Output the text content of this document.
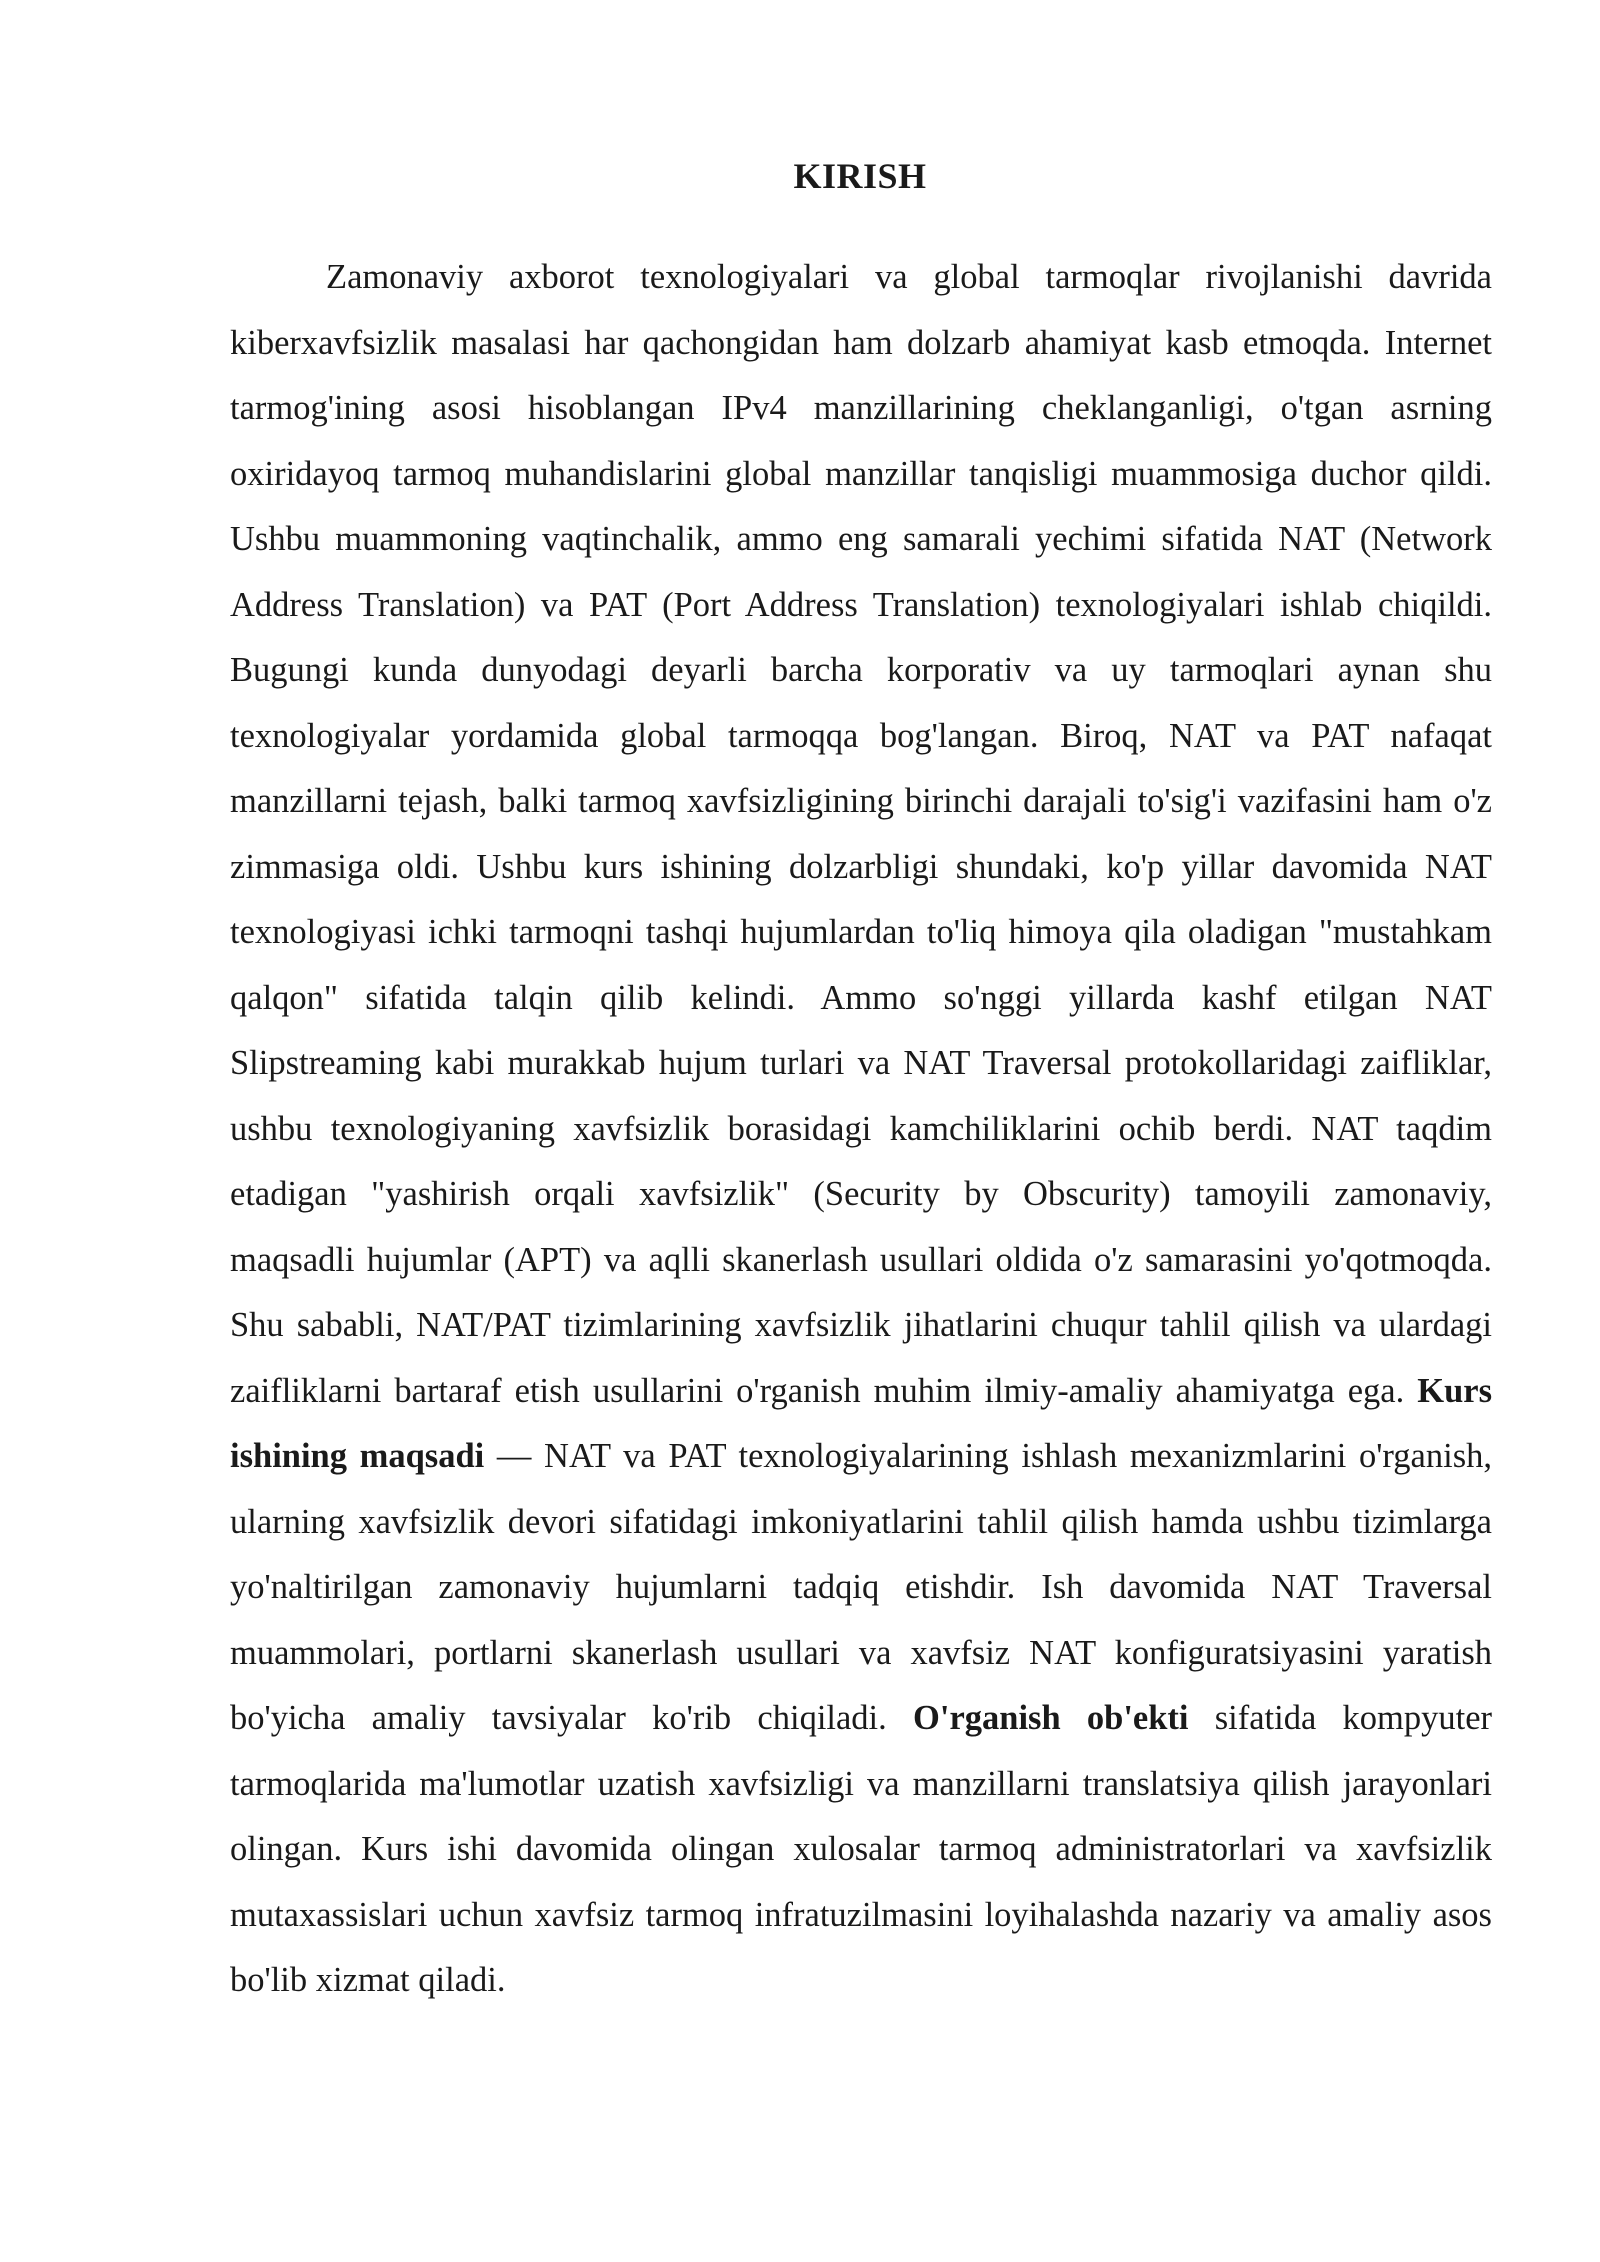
KIRISH

Zamonaviy axborot texnologiyalari va global tarmoqlar rivojlanishi davrida kiberxavfsizlik masalasi har qachongidan ham dolzarb ahamiyat kasb etmoqda. Internet tarmog'ining asosi hisoblangan IPv4 manzillarining cheklanganligi, o'tgan asrning oxiridayoq tarmoq muhandislarini global manzillar tanqisligi muammosiga duchor qildi. Ushbu muammoning vaqtinchalik, ammo eng samarali yechimi sifatida NAT (Network Address Translation) va PAT (Port Address Translation) texnologiyalari ishlab chiqildi. Bugungi kunda dunyodagi deyarli barcha korporativ va uy tarmoqlari aynan shu texnologiyalar yordamida global tarmoqqa bog'langan. Biroq, NAT va PAT nafaqat manzillarni tejash, balki tarmoq xavfsizligining birinchi darajali to'sig'i vazifasini ham o'z zimmasiga oldi. Ushbu kurs ishining dolzarbligi shundaki, ko'p yillar davomida NAT texnologiyasi ichki tarmoqni tashqi hujumlardan to'liq himoya qila oladigan "mustahkam qalqon" sifatida talqin qilib kelindi. Ammo so'nggi yillarda kashf etilgan NAT Slipstreaming kabi murakkab hujum turlari va NAT Traversal protokollaridagi zaifliklar, ushbu texnologiyaning xavfsizlik borasidagi kamchiliklarini ochib berdi. NAT taqdim etadigan "yashirish orqali xavfsizlik" (Security by Obscurity) tamoyili zamonaviy, maqsadli hujumlar (APT) va aqlli skanerlash usullari oldida o'z samarasini yo'qotmoqda. Shu sababli, NAT/PAT tizimlarining xavfsizlik jihatlarini chuqur tahlil qilish va ulardagi zaifliklarni bartaraf etish usullarini o'rganish muhim ilmiy-amaliy ahamiyatga ega. Kurs ishining maqsadi — NAT va PAT texnologiyalarining ishlash mexanizmlarini o'rganish, ularning xavfsizlik devori sifatidagi imkoniyatlarini tahlil qilish hamda ushbu tizimlarga yo'naltirilgan zamonaviy hujumlarni tadqiq etishdir. Ish davomida NAT Traversal muammolari, portlarni skanerlash usullari va xavfsiz NAT konfiguratsiyasini yaratish bo'yicha amaliy tavsiyalar ko'rib chiqiladi. O'rganish ob'ekti sifatida kompyuter tarmoqlarida ma'lumotlar uzatish xavfsizligi va manzillarni translatsiya qilish jarayonlari olingan. Kurs ishi davomida olingan xulosalar tarmoq administratorlari va xavfsizlik mutaxassislari uchun xavfsiz tarmoq infratuzilmasini loyihalashda nazariy va amaliy asos bo'lib xizmat qiladi.
